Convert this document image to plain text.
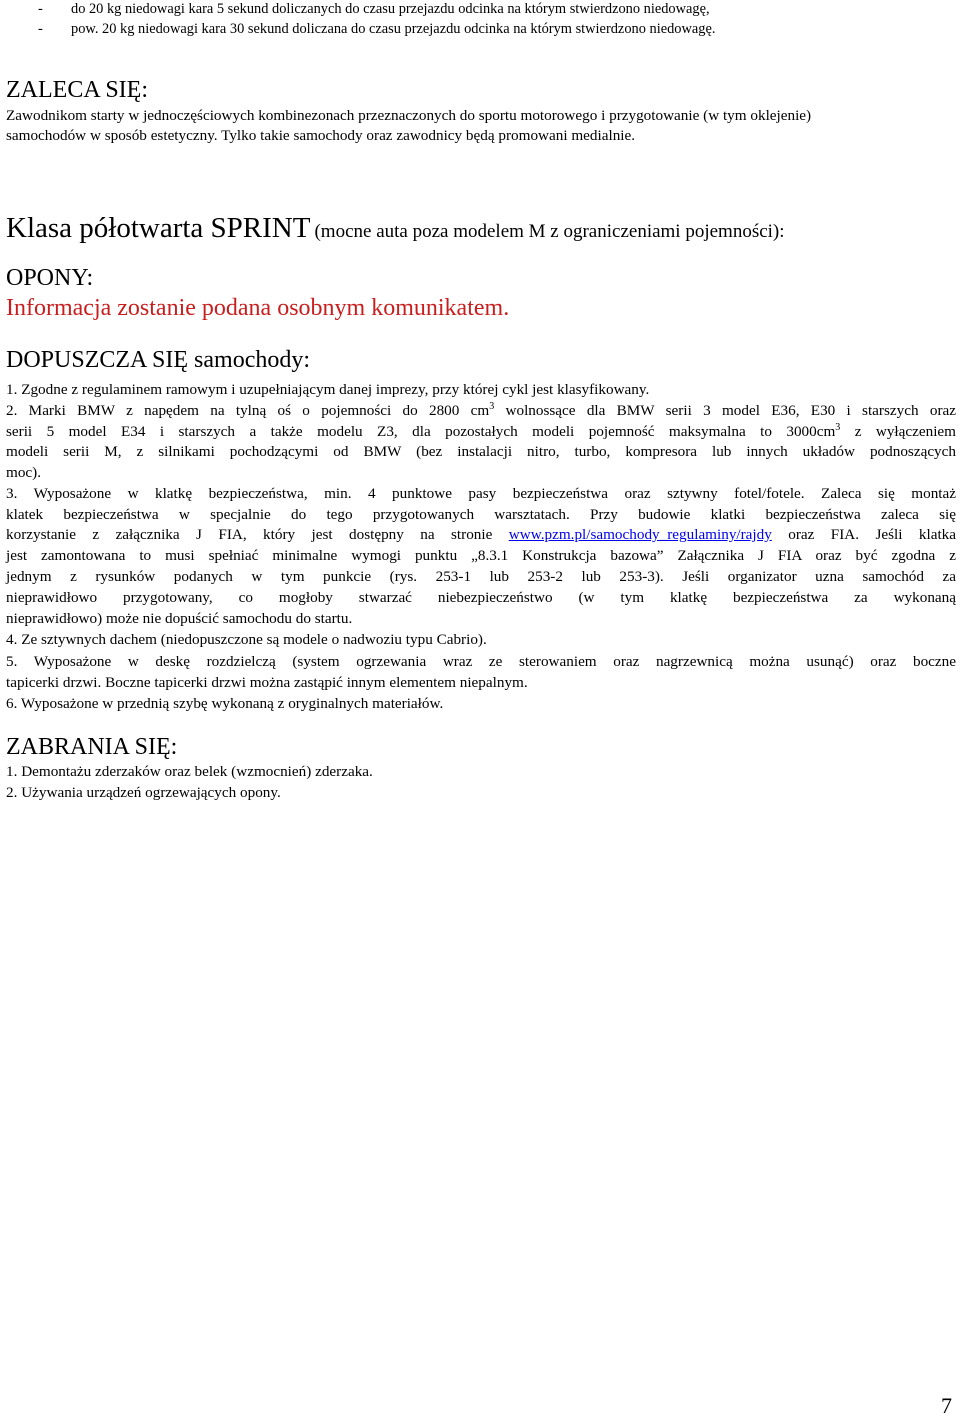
- do 20 kg niedowagi kara 5 sekund doliczanych do czasu przejazdu odcinka na którym stwierdzono niedowagę,
- pow. 20 kg niedowagi kara 30 sekund doliczana do czasu przejazdu odcinka na którym stwierdzono niedowagę.
ZALECA SIĘ:
Zawodnikom starty w jednoczęściowych kombinezonach przeznaczonych do sportu motorowego i przygotowanie (w tym oklejenie)
samochodów w sposób estetyczny. Tylko takie samochody oraz zawodnicy będą promowani medialnie.
Klasa półotwarta SPRINT (mocne auta poza modelem M z ograniczeniami pojemności):
OPONY:
Informacja zostanie podana osobnym komunikatem.
DOPUSZCZA SIĘ samochody:
1. Zgodne z regulaminem ramowym i uzupełniającym danej imprezy, przy której cykl jest klasyfikowany.
2. Marki BMW z napędem na tylną oś o pojemności do 2800 $cm^3$ wolnossące dla BMW serii 3 model E36, E30 i starszych oraz
serii 5 model E34 i starszych a także modelu Z3, dla pozostałych modeli pojemność maksymalna to $3000cm^3$ z wyłączeniem
modeli serii M, z silnikami pochodzącymi od BMW (bez instalacji nitro, turbo, kompresora lub innych układów podnoszących
moc).
3. Wyposażone w klatkę bezpieczeństwa, min. 4 punktowe pasy bezpieczeństwa oraz sztywny fotel/fotele. Zaleca się montaż
klatek bezpieczeństwa w specjalnie do tego przygotowanych warsztatach. Przy budowie klatki bezpieczeństwa zaleca się
korzystanie z załącznika J FIA, który jest dostępny na stronie www.pzm.pl/samochody_regulaminy/rajdy oraz FIA. Jeśli klatka
jest zamontowana to musi spełniać minimalne wymogi punktu „8.3.1 Konstrukcja bazowa” Załącznika J FIA oraz być zgodna z
jednym z rysunków podanych w tym punkcie (rys. 253-1 lub 253-2 lub 253-3). Jeśli organizator uzna samochód za
nieprawidłowo przygotowany, co mogłoby stwarzać niebezpieczeństwo (w tym klatkę bezpieczeństwa za wykonaną
nieprawidłowo) może nie dopuścić samochodu do startu.
4. Ze sztywnych dachem (niedopuszczone są modele o nadwoziu typu Cabrio).
5. Wyposażone w deskę rozdzielczą (system ogrzewania wraz ze sterowaniem oraz nagrzewnicą można usunąć) oraz boczne
tapicerki drzwi. Boczne tapicerki drzwi można zastąpić innym elementem niepalnym.
6. Wyposażone w przednią szybę wykonaną z oryginalnych materiałów.
ZABRANIA SIĘ:
1. Demontażu zderzaków oraz belek (wzmocnień) zderzaka.
2. Używania urządzeń ogrzewających opony.
7
